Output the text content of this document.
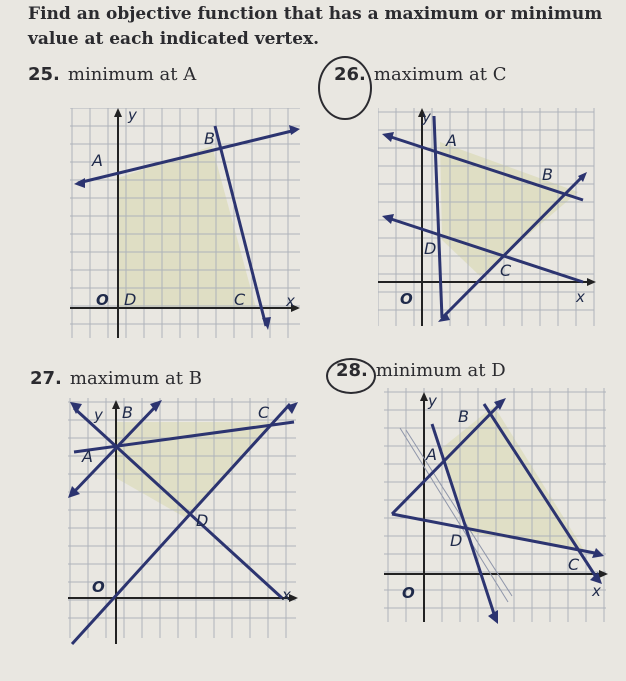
Find an objective function that has a maximum or minimum value at each indicated vertex.
25. minimum at A
y
A
B
O D	C	x
26. maximum at C
y
A
B
C
D
O	x
27. maximum at B
y B	C
A
D
O	x
28. minimum at D
y
B
A
D
C
O	x
